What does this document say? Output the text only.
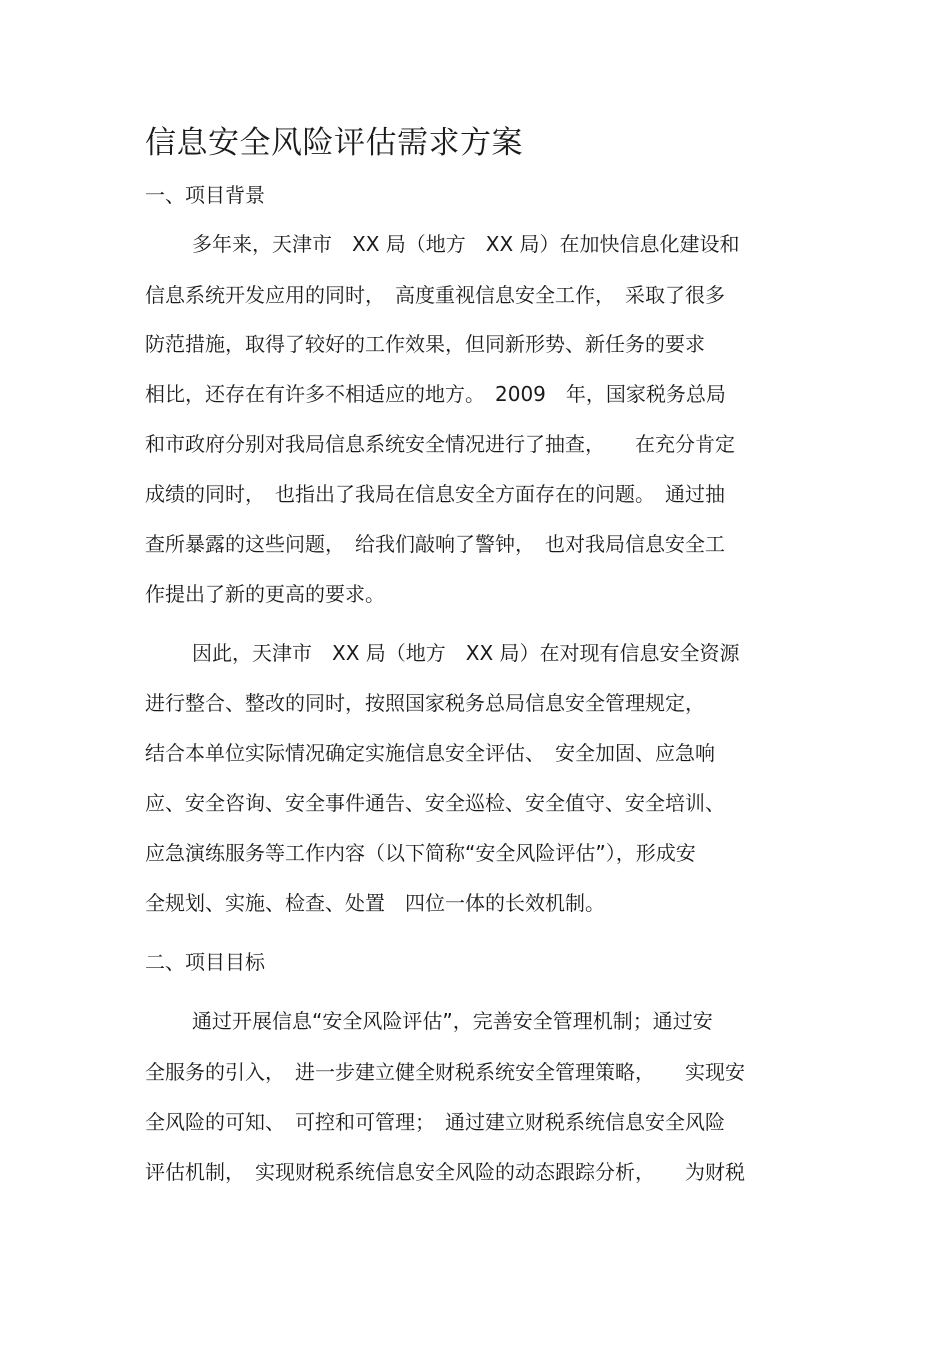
信息安全风险评估需求方案
一、项目背景
多年来，天津市　XX 局（地方　XX 局）在加快信息化建设和
信息系统开发应用的同时，　高度重视信息安全工作，　采取了很多
防范措施，取得了较好的工作效果，但同新形势、新任务的要求
相比，还存在有许多不相适应的地方。　2009　年，国家税务总局
和市政府分别对我局信息系统安全情况进行了抽查，　　在充分肯定
成绩的同时，　也指出了我局在信息安全方面存在的问题。　通过抽
查所暴露的这些问题，　给我们敲响了警钟，　也对我局信息安全工
作提出了新的更高的要求。
因此，天津市　XX 局（地方　XX 局）在对现有信息安全资源
进行整合、整改的同时，按照国家税务总局信息安全管理规定，
结合本单位实际情况确定实施信息安全评估、　安全加固、应急响
应、安全咨询、安全事件通告、安全巡检、安全值守、安全培训、
应急演练服务等工作内容（以下简称“安全风险评估”），形成安
全规划、实施、检查、处置　四位一体的长效机制。
二、项目目标
通过开展信息“安全风险评估”，完善安全管理机制；通过安
全服务的引入，　进一步建立健全财税系统安全管理策略，　　实现安
全风险的可知、　可控和可管理；　通过建立财税系统信息安全风险
评估机制，　实现财税系统信息安全风险的动态跟踪分析，　　为财税
